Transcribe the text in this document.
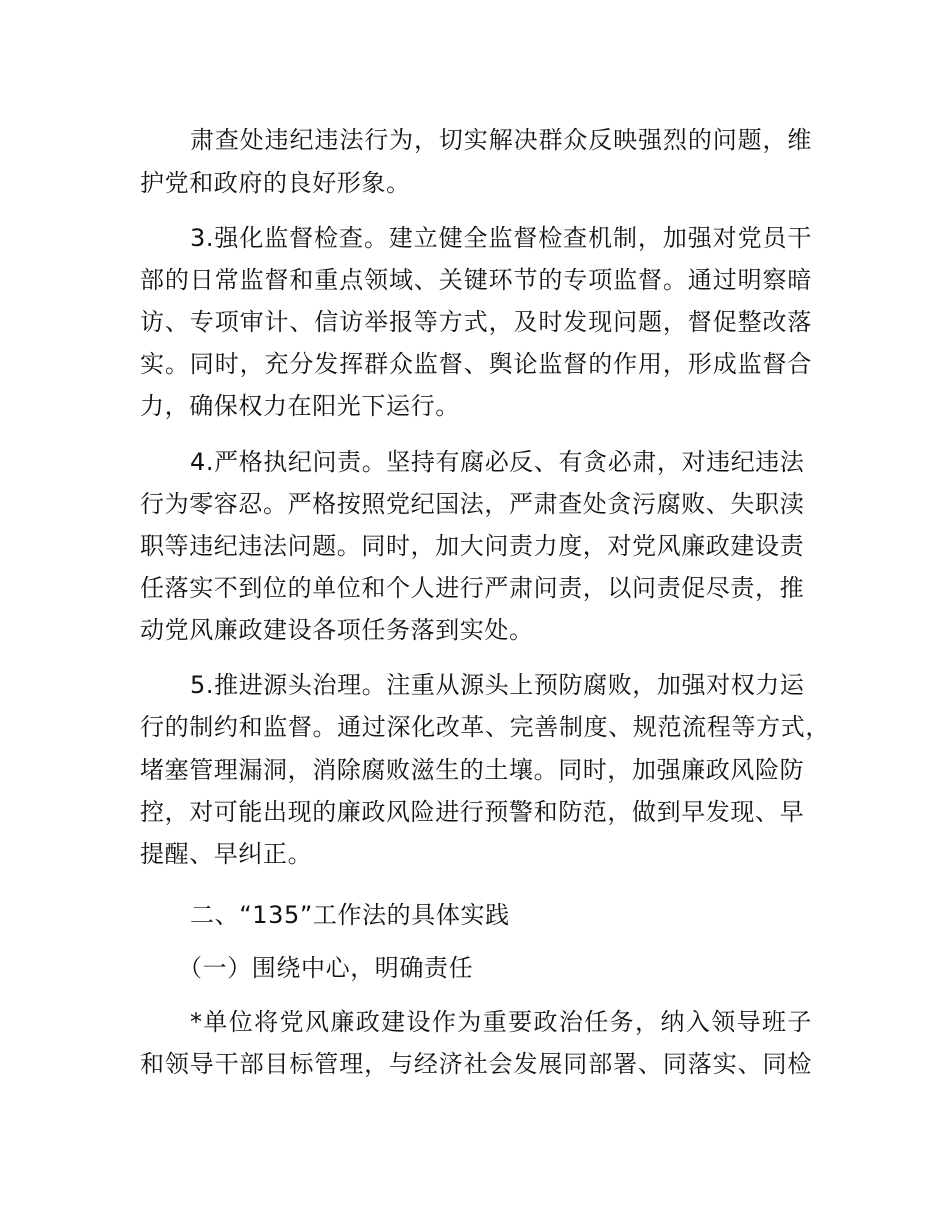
肃查处违纪违法行为，切实解决群众反映强烈的问题，维
护党和政府的良好形象。
3.强化监督检查。建立健全监督检查机制，加强对党员干
部的日常监督和重点领域、关键环节的专项监督。通过明察暗
访、专项审计、信访举报等方式，及时发现问题，督促整改落
实。同时，充分发挥群众监督、舆论监督的作用，形成监督合
力，确保权力在阳光下运行。
4.严格执纪问责。坚持有腐必反、有贪必肃，对违纪违法
行为零容忍。严格按照党纪国法，严肃查处贪污腐败、失职渎
职等违纪违法问题。同时，加大问责力度，对党风廉政建设责
任落实不到位的单位和个人进行严肃问责，以问责促尽责，推
动党风廉政建设各项任务落到实处。
5.推进源头治理。注重从源头上预防腐败，加强对权力运
行的制约和监督。通过深化改革、完善制度、规范流程等方式，
堵塞管理漏洞，消除腐败滋生的土壤。同时，加强廉政风险防
控，对可能出现的廉政风险进行预警和防范，做到早发现、早
提醒、早纠正。
二、“135”工作法的具体实践
（一）围绕中心，明确责任
*单位将党风廉政建设作为重要政治任务，纳入领导班子
和领导干部目标管理，与经济社会发展同部署、同落实、同检
